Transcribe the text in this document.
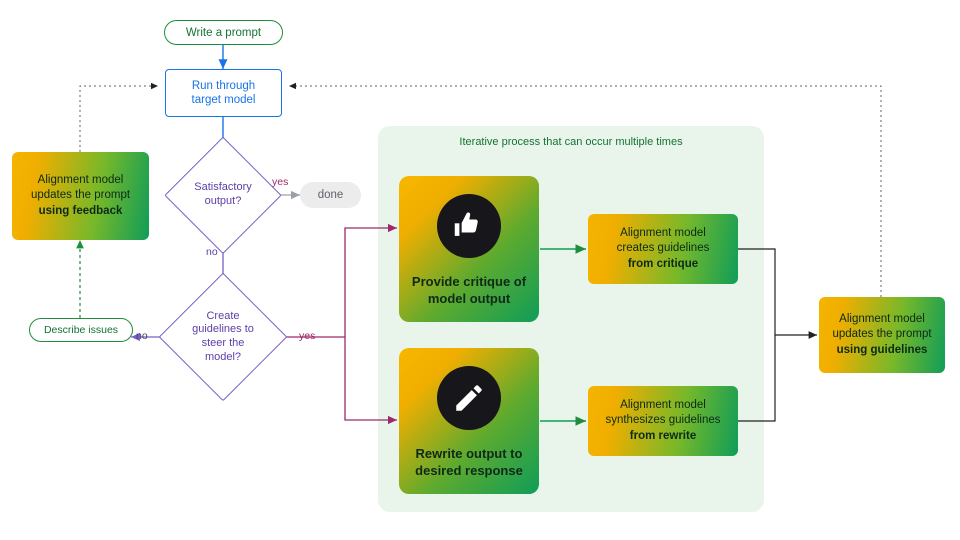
Iterative process that can occur multiple times
Write a prompt
Run through
target model
Satisfactory
output?
yes
done
no
Create
guidelines to
steer the
model?
no	yes
Describe issues
Alignment model
updates the prompt
using feedback
Provide critique of
model output
Rewrite output to
desired response
Alignment model
creates guidelines
from critique
Alignment model
synthesizes guidelines
from rewrite
Alignment model
updates the prompt
using guidelines
